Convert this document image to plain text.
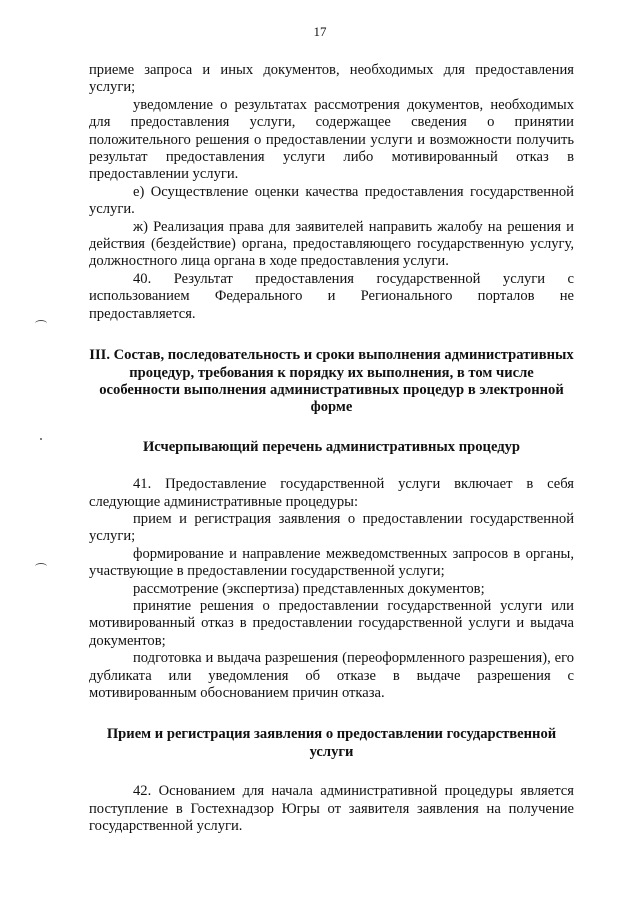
17

приеме запроса и иных документов, необходимых для предоставления услуги;

уведомление о результатах рассмотрения документов, необходимых для предоставления услуги, содержащее сведения о принятии положительного решения о предоставлении услуги и возможности получить результат предоставления услуги либо мотивированный отказ в предоставлении услуги.

е) Осуществление оценки качества предоставления государственной услуги.

ж) Реализация права для заявителей направить жалобу на решения и действия (бездействие) органа, предоставляющего государственную услугу, должностного лица органа в ходе предоставления услуги.

40. Результат предоставления государственной услуги с использованием Федерального и Регионального порталов не предоставляется.

III. Состав, последовательность и сроки выполнения административных процедур, требования к порядку их выполнения, в том числе особенности выполнения административных процедур в электронной форме

Исчерпывающий перечень административных процедур

41. Предоставление государственной услуги включает в себя следующие административные процедуры:

прием и регистрация заявления о предоставлении государственной услуги;

формирование и направление межведомственных запросов в органы, участвующие в предоставлении государственной услуги;

рассмотрение (экспертиза) представленных документов;

принятие решения о предоставлении государственной услуги или мотивированный отказ в предоставлении государственной услуги и выдача документов;

подготовка и выдача разрешения (переоформленного разрешения), его дубликата или уведомления об отказе в выдаче разрешения с мотивированным обоснованием причин отказа.

Прием и регистрация заявления о предоставлении государственной услуги

42. Основанием для начала административной процедуры является поступление в Гостехнадзор Югры от заявителя заявления на получение государственной услуги.
